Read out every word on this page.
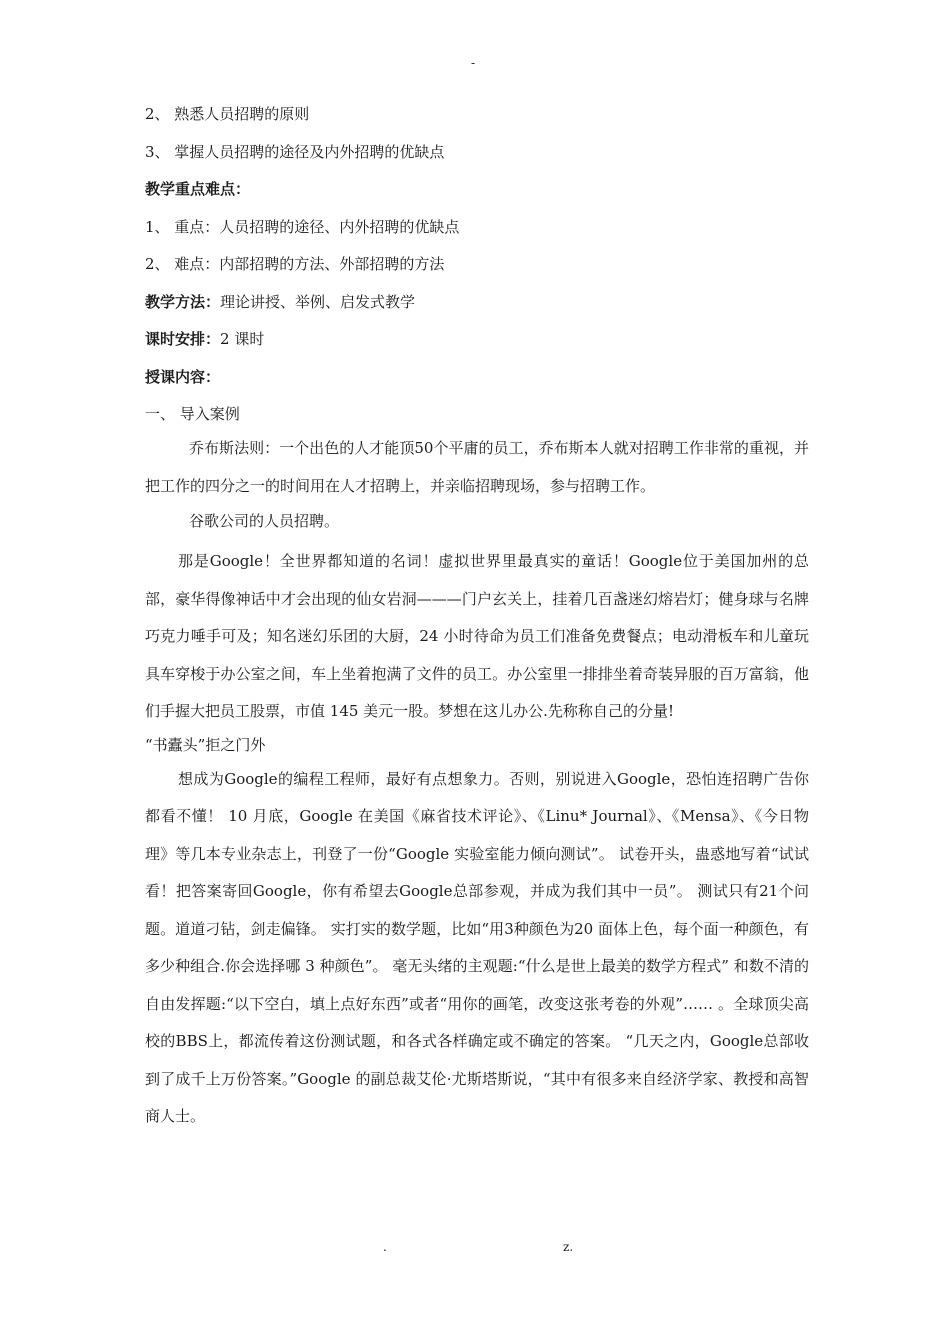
-
2、 熟悉人员招聘的原则
3、 掌握人员招聘的途径及内外招聘的优缺点
教学重点难点：
1、 重点：人员招聘的途径、内外招聘的优缺点
2、 难点：内部招聘的方法、外部招聘的方法
教学方法：理论讲授、举例、启发式教学
课时安排：2 课时
授课内容：
一、 导入案例

乔布斯法则：一个出色的人才能顶50个平庸的员工，乔布斯本人就对招聘工作非常的重视，并把工作的四分之一的时间用在人才招聘上，并亲临招聘现场，参与招聘工作。

谷歌公司的人员招聘。

那是Google！全世界都知道的名词！虚拟世界里最真实的童话！Google位于美国加州的总部，豪华得像神话中才会出现的仙女岩洞———门户玄关上，挂着几百盏迷幻熔岩灯；健身球与名牌巧克力唾手可及；知名迷幻乐团的大厨，24 小时待命为员工们准备免费餐点；电动滑板车和儿童玩具车穿梭于办公室之间，车上坐着抱满了文件的员工。办公室里一排排坐着奇装异服的百万富翁，他们手握大把员工股票，市值 145 美元一股。梦想在这儿办公.先称称自己的分量!

“书蠹头”拒之门外

想成为Google的编程工程师，最好有点想象力。否则，别说进入Google，恐怕连招聘广告你都看不懂！ 10 月底，Google 在美国《麻省技术评论》、《Linu* Journal》、《Mensa》、《今日物理》等几本专业杂志上，刊登了一份“Google 实验室能力倾向测试”。 试卷开头，蛊惑地写着“试试看！把答案寄回Google，你有希望去Google总部参观，并成为我们其中一员”。 测试只有21个问题。道道刁钻，剑走偏锋。 实打实的数学题，比如“用3种颜色为20 面体上色，每个面一种颜色，有多少种组合.你会选择哪 3 种颜色”。 毫无头绪的主观题:“什么是世上最美的数学方程式” 和数不清的自由发挥题:“以下空白，填上点好东西”或者“用你的画笔，改变这张考卷的外观”…… 。全球顶尖高校的BBS上，都流传着这份测试题，和各式各样确定或不确定的答案。 “几天之内，Google总部收到了成千上万份答案。”Google 的副总裁艾伦·尤斯塔斯说，“其中有很多来自经济学家、教授和高智商人士。

.	z.
